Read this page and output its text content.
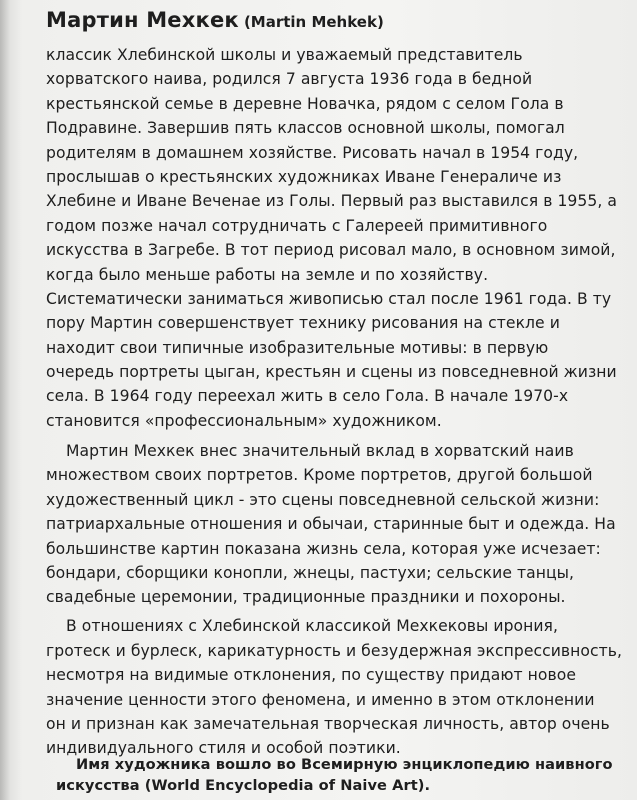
Мартин Мехкек (Martin Mehkek)
классик Хлебинской школы и уважаемый представитель
хорватского наива, родился 7 августа 1936 года в бедной
крестьянской семье в деревне Новачка, рядом с селом Гола в
Подравине. Завершив пять классов основной школы, помогал
родителям в домашнем хозяйстве. Рисовать начал в 1954 году,
прослышав о крестьянских художниках Иване Генераличе из
Хлебине и Иване Веченае из Голы. Первый раз выставился в 1955, а
годом позже начал сотрудничать с Галереей примитивного
искусства в Загребе. В тот период рисовал мало, в основном зимой,
когда было меньше работы на земле и по хозяйству.
Систематически заниматься живописью стал после 1961 года. В ту
пору Мартин совершенствует технику рисования на стекле и
находит свои типичные изобразительные мотивы: в первую
очередь портреты цыган, крестьян и сцены из повседневной жизни
села. В 1964 году переехал жить в село Гола. В начале 1970-х
становится «профессиональным» художником.
Мартин Мехкек внес значительный вклад в хорватский наив
множеством своих портретов. Кроме портретов, другой большой
художественный цикл - это сцены повседневной сельской жизни:
патриархальные отношения и обычаи, старинные быт и одежда. На
большинстве картин показана жизнь села, которая уже исчезает:
бондари, сборщики конопли, жнецы, пастухи; сельские танцы,
свадебные церемонии, традиционные праздники и похороны.
В отношениях с Хлебинской классикой Мехкековы ирония,
гротеск и бурлеск, карикатурность и безудержная экспрессивность,
несмотря на видимые отклонения, по существу придают новое
значение ценности этого феномена, и именно в этом отклонении
он и признан как замечательная творческая личность, автор очень
индивидуального стиля и особой поэтики.
Имя художника вошло во Всемирную энциклопедию наивного
искусства (World Encyclopedia of Naive Art).
